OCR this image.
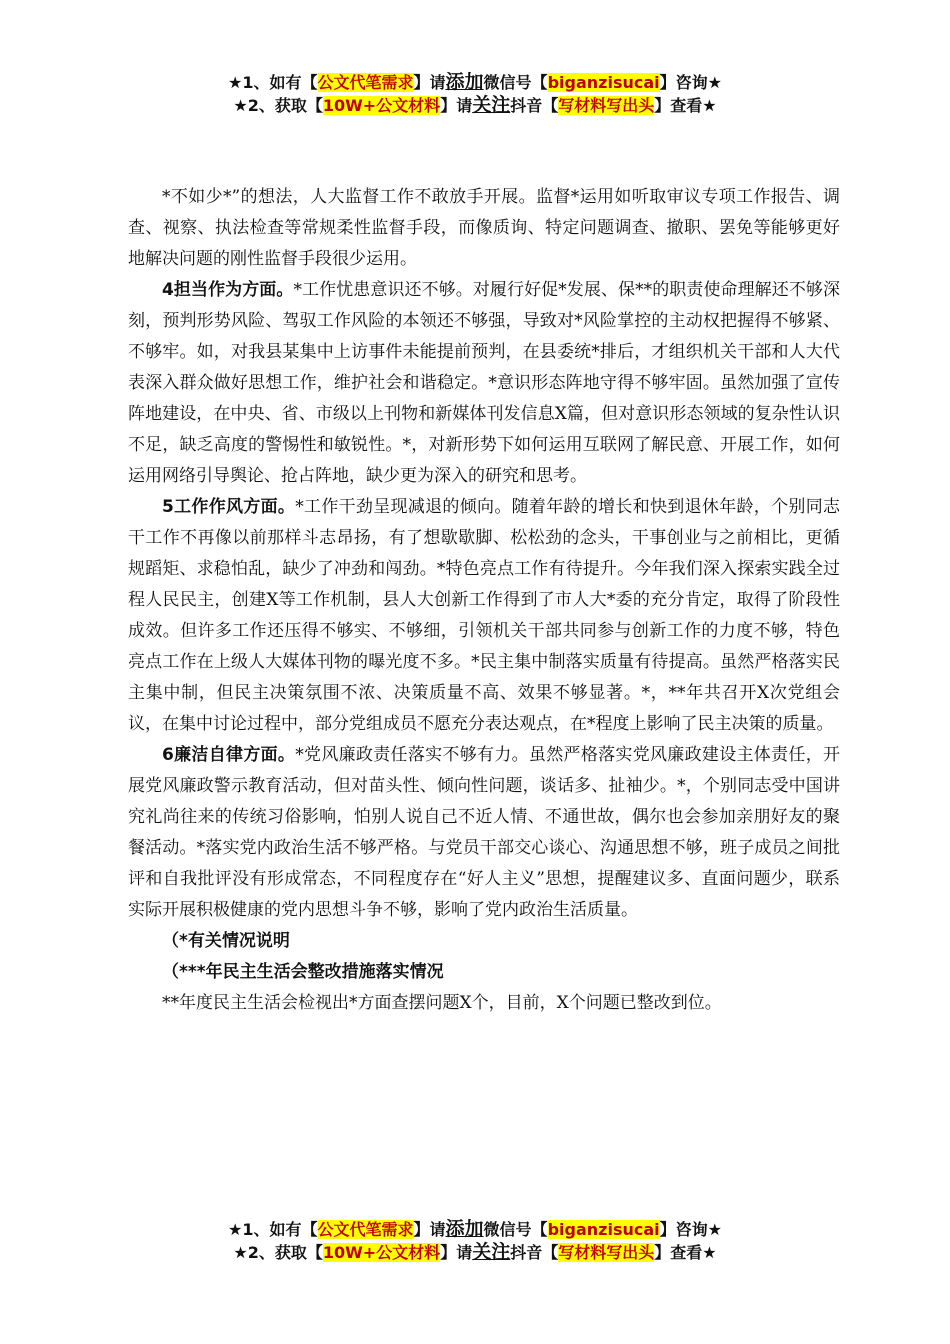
★1、如有【公文代笔需求】请添加微信号【biganzisucai】咨询★
★2、获取【10W+公文材料】请关注抖音【写材料写出头】查看★

*不如少*”的想法，人大监督工作不敢放手开展。监督*运用如听取审议专项工作报告、调查、视察、执法检查等常规柔性监督手段，而像质询、特定问题调查、撤职、罢免等能够更好地解决问题的刚性监督手段很少运用。

4担当作为方面。*工作忧患意识还不够。对履行好促*发展、保**的职责使命理解还不够深刻，预判形势风险、驾驭工作风险的本领还不够强，导致对*风险掌控的主动权把握得不够紧、不够牢。如，对我县某集中上访事件未能提前预判，在县委统*排后，才组织机关干部和人大代表深入群众做好思想工作，维护社会和谐稳定。*意识形态阵地守得不够牢固。虽然加强了宣传阵地建设，在中央、省、市级以上刊物和新媒体刊发信息X篇，但对意识形态领域的复杂性认识不足，缺乏高度的警惕性和敏锐性。*，对新形势下如何运用互联网了解民意、开展工作，如何运用网络引导舆论、抢占阵地，缺少更为深入的研究和思考。

5工作作风方面。*工作干劲呈现减退的倾向。随着年龄的增长和快到退休年龄，个别同志干工作不再像以前那样斗志昂扬，有了想歇歇脚、松松劲的念头，干事创业与之前相比，更循规蹈矩、求稳怕乱，缺少了冲劲和闯劲。*特色亮点工作有待提升。今年我们深入探索实践全过程人民民主，创建X等工作机制，县人大创新工作得到了市人大*委的充分肯定，取得了阶段性成效。但许多工作还压得不够实、不够细，引领机关干部共同参与创新工作的力度不够，特色亮点工作在上级人大媒体刊物的曝光度不多。*民主集中制落实质量有待提高。虽然严格落实民主集中制，但民主决策氛围不浓、决策质量不高、效果不够显著。*，**年共召开X次党组会议，在集中讨论过程中，部分党组成员不愿充分表达观点，在*程度上影响了民主决策的质量。

6廉洁自律方面。*党风廉政责任落实不够有力。虽然严格落实党风廉政建设主体责任，开展党风廉政警示教育活动，但对苗头性、倾向性问题，谈话多、扯袖少。*，个别同志受中国讲究礼尚往来的传统习俗影响，怕别人说自己不近人情、不通世故，偶尔也会参加亲朋好友的聚餐活动。*落实党内政治生活不够严格。与党员干部交心谈心、沟通思想不够，班子成员之间批评和自我批评没有形成常态，不同程度存在“好人主义”思想，提醒建议多、直面问题少，联系实际开展积极健康的党内思想斗争不够，影响了党内政治生活质量。

（*有关情况说明

（***年民主生活会整改措施落实情况

**年度民主生活会检视出*方面查摆问题X个，目前，X个问题已整改到位。

★1、如有【公文代笔需求】请添加微信号【biganzisucai】咨询★
★2、获取【10W+公文材料】请关注抖音【写材料写出头】查看★
